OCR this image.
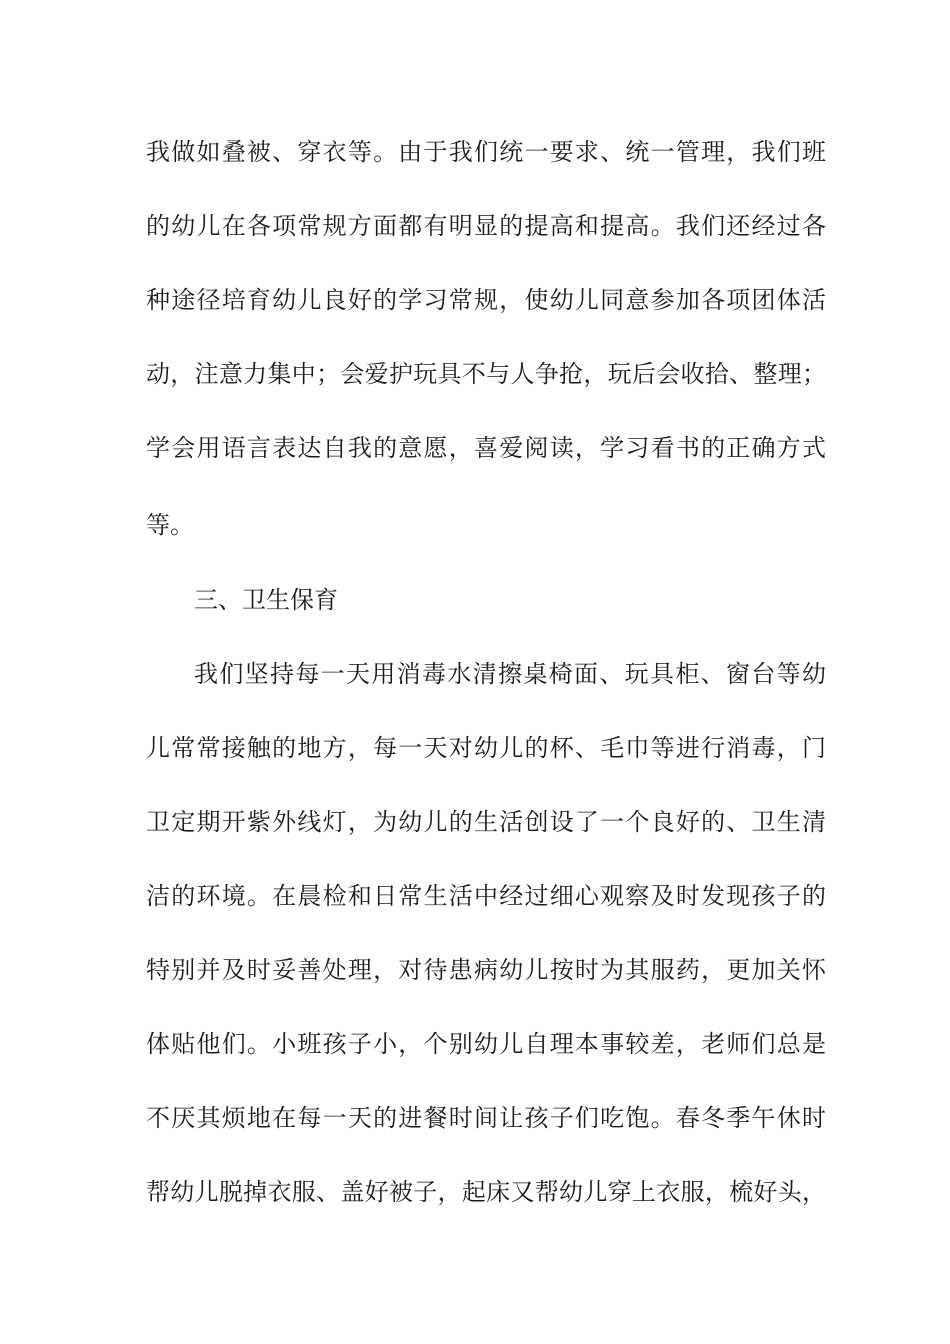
我做如叠被、穿衣等。由于我们统一要求、统一管理，我们班
的幼儿在各项常规方面都有明显的提高和提高。我们还经过各
种途径培育幼儿良好的学习常规，使幼儿同意参加各项团体活
动，注意力集中；会爱护玩具不与人争抢，玩后会收拾、整理；
学会用语言表达自我的意愿，喜爱阅读，学习看书的正确方式
等。
三、卫生保育
我们坚持每一天用消毒水清擦桌椅面、玩具柜、窗台等幼
儿常常接触的地方，每一天对幼儿的杯、毛巾等进行消毒，门
卫定期开紫外线灯，为幼儿的生活创设了一个良好的、卫生清
洁的环境。在晨检和日常生活中经过细心观察及时发现孩子的
特别并及时妥善处理，对待患病幼儿按时为其服药，更加关怀
体贴他们。小班孩子小，个别幼儿自理本事较差，老师们总是
不厌其烦地在每一天的进餐时间让孩子们吃饱。春冬季午休时
帮幼儿脱掉衣服、盖好被子，起床又帮幼儿穿上衣服，梳好头，
